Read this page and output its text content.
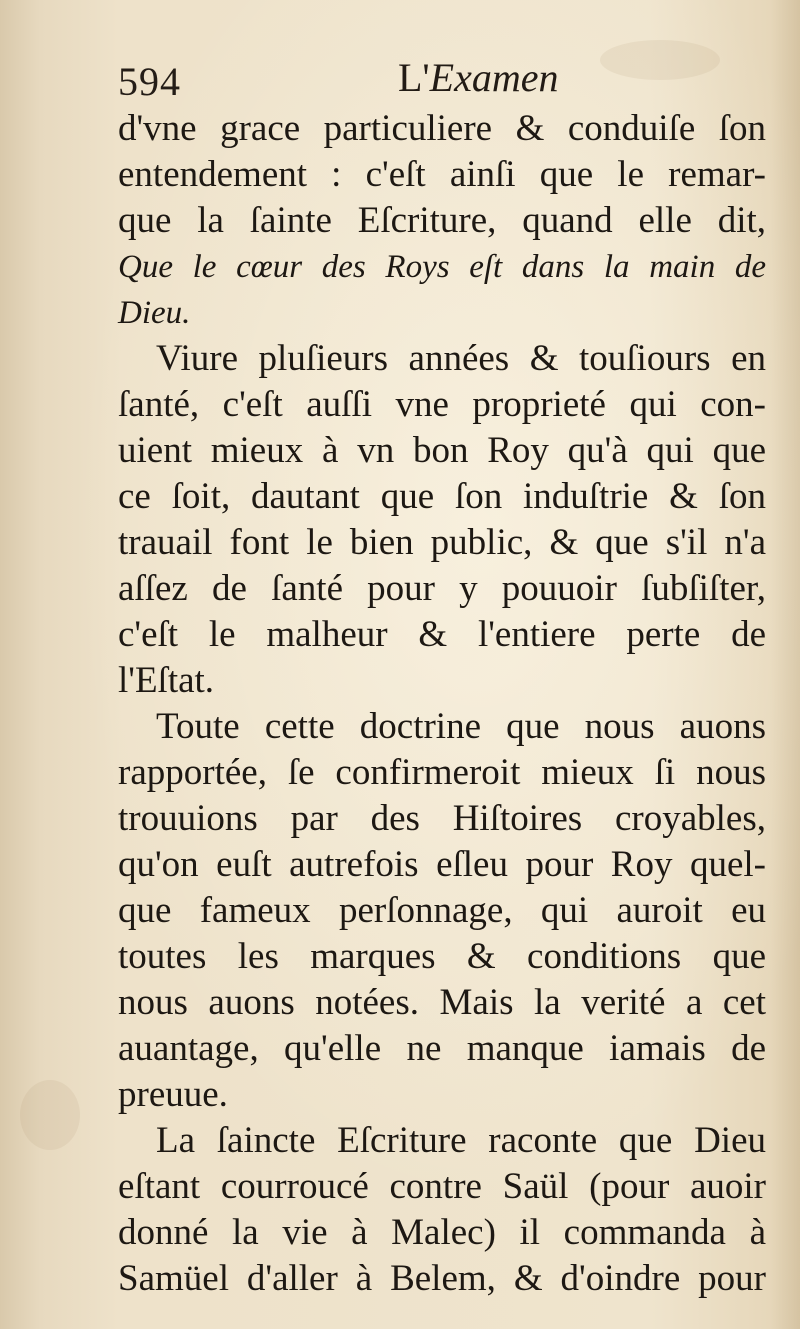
594	L'Examen
d'vne grace particuliere & conduiſe ſon
entendement : c'eſt ainſi que le remar-
que la ſainte Eſcriture, quand elle dit,
Que le cœur des Roys eſt dans la main de
Dieu.
Viure pluſieurs années & touſiours en
ſanté, c'eſt auſſi vne proprieté qui con-
uient mieux à vn bon Roy qu'à qui que
ce ſoit, dautant que ſon induſtrie & ſon
trauail font le bien public, & que s'il n'a
aſſez de ſanté pour y pouuoir ſubſiſter,
c'eſt le malheur & l'entiere perte de
l'Eſtat.
Toute cette doctrine que nous auons
rapportée, ſe confirmeroit mieux ſi nous
trouuions par des Hiſtoires croyables,
qu'on euſt autrefois eſleu pour Roy quel-
que fameux perſonnage, qui auroit eu
toutes les marques & conditions que
nous auons notées. Mais la verité a cet
auantage, qu'elle ne manque iamais de
preuue.
La ſaincte Eſcriture raconte que Dieu
eſtant courroucé contre Saül (pour auoir
donné la vie à Malec) il commanda à
Samüel d'aller à Belem, & d'oindre pour
